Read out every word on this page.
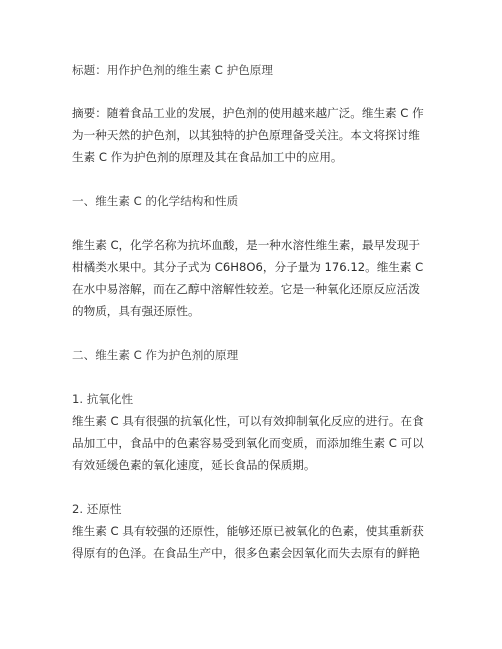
标题：用作护色剂的维生素 C 护色原理
摘要：随着食品工业的发展，护色剂的使用越来越广泛。维生素 C 作
为一种天然的护色剂，以其独特的护色原理备受关注。本文将探讨维
生素 C 作为护色剂的原理及其在食品加工中的应用。
一、维生素 C 的化学结构和性质
维生素 C，化学名称为抗坏血酸，是一种水溶性维生素，最早发现于
柑橘类水果中。其分子式为 C6H8O6，分子量为 176.12。维生素 C
在水中易溶解，而在乙醇中溶解性较差。它是一种氧化还原反应活泼
的物质，具有强还原性。
二、维生素 C 作为护色剂的原理
1. 抗氧化性
维生素 C 具有很强的抗氧化性，可以有效抑制氧化反应的进行。在食
品加工中，食品中的色素容易受到氧化而变质，而添加维生素 C 可以
有效延缓色素的氧化速度，延长食品的保质期。
2. 还原性
维生素 C 具有较强的还原性，能够还原已被氧化的色素，使其重新获
得原有的色泽。在食品生产中，很多色素会因氧化而失去原有的鲜艳
